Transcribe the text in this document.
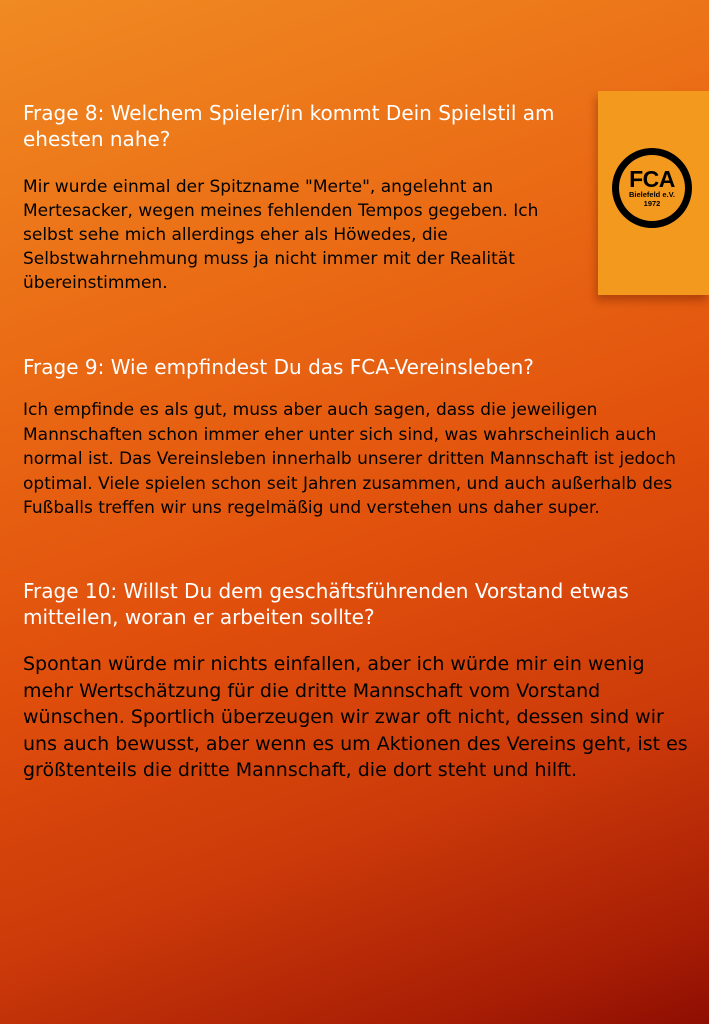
FCA
Bielefeld e.V.
1972
Frage 8: Welchem Spieler/in kommt Dein Spielstil am ehesten nahe?

Mir wurde einmal der Spitzname "Merte", angelehnt an Mertesacker, wegen meines fehlenden Tempos gegeben. Ich selbst sehe mich allerdings eher als Höwedes, die Selbstwahrnehmung muss ja nicht immer mit der Realität übereinstimmen.

Frage 9: Wie empfindest Du das FCA-Vereinsleben?

Ich empfinde es als gut, muss aber auch sagen, dass die jeweiligen Mannschaften schon immer eher unter sich sind, was wahrscheinlich auch normal ist. Das Vereinsleben innerhalb unserer dritten Mannschaft ist jedoch optimal. Viele spielen schon seit Jahren zusammen, und auch außerhalb des Fußballs treffen wir uns regelmäßig und verstehen uns daher super.

Frage 10: Willst Du dem geschäftsführenden Vorstand etwas mitteilen, woran er arbeiten sollte?

Spontan würde mir nichts einfallen, aber ich würde mir ein wenig mehr Wertschätzung für die dritte Mannschaft vom Vorstand wünschen. Sportlich überzeugen wir zwar oft nicht, dessen sind wir uns auch bewusst, aber wenn es um Aktionen des Vereins geht, ist es größtenteils die dritte Mannschaft, die dort steht und hilft.
